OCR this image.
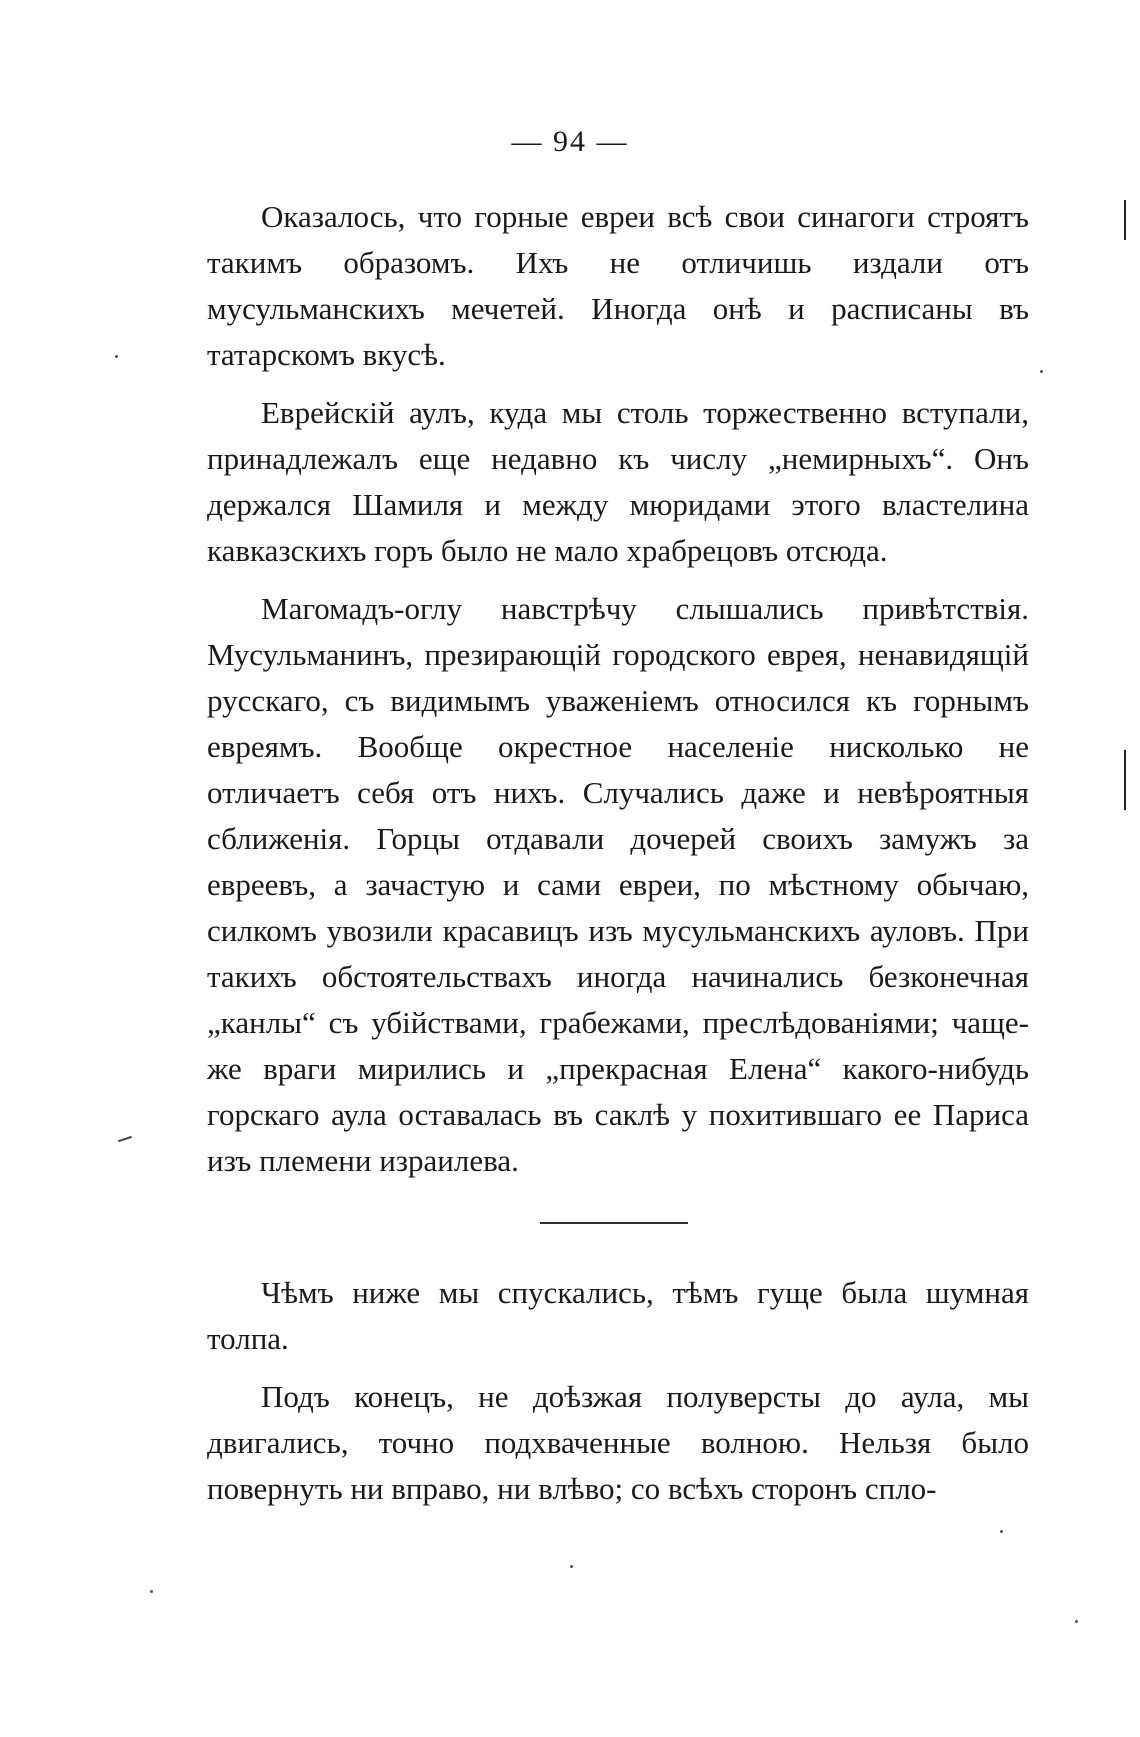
— 94 —

Оказалось, что горные евреи всѣ свои синагоги строятъ такимъ образомъ. Ихъ не отличишь издали отъ мусульманскихъ мечетей. Иногда онѣ и расписаны въ татарскомъ вкусѣ.

Еврейскій аулъ, куда мы столь торжественно вступали, принадлежалъ еще недавно къ числу „немирныхъ“. Онъ держался Шамиля и между мюридами этого властелина кавказскихъ горъ было не мало храбрецовъ отсюда.

Магомадъ-оглу навстрѣчу слышались привѣтствія. Мусульманинъ, презирающій городского еврея, ненавидящій русскаго, съ видимымъ уваженіемъ относился къ горнымъ евреямъ. Вообще окрестное населеніе нисколько не отличаетъ себя отъ нихъ. Случались даже и невѣроятныя сближенія. Горцы отдавали дочерей своихъ замужъ за евреевъ, а зачастую и сами евреи, по мѣстному обычаю, силкомъ увозили красавицъ изъ мусульманскихъ ауловъ. При такихъ обстоятельствахъ иногда начинались безконечная „канлы“ съ убійствами, грабежами, преслѣдованіями; чаще-же враги мирились и „прекрасная Елена“ какого-нибудь горскаго аула оставалась въ саклѣ у похитившаго ее Париса изъ племени израилева.

Чѣмъ ниже мы спускались, тѣмъ гуще была шумная толпа.

Подъ конецъ, не доѣзжая полуверсты до аула, мы двигались, точно подхваченные волною. Нельзя было повернуть ни вправо, ни влѣво; со всѣхъ сторонъ спло-
